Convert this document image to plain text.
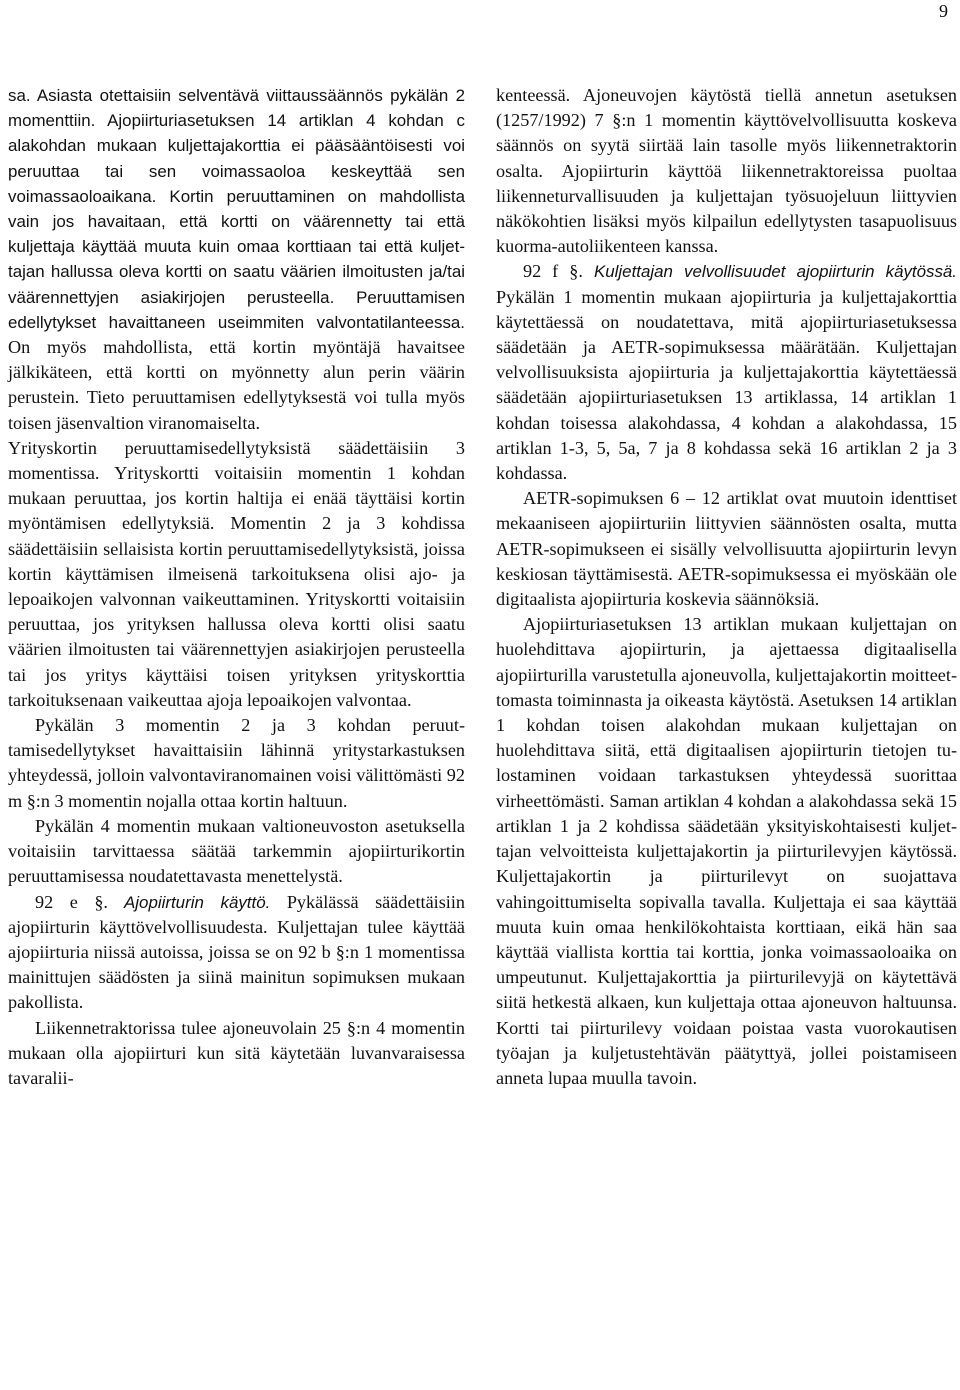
9

sa. Asiasta otettaisiin selventävä viittaussäännös pykälän 2 momenttiin. Ajopiirturiasetuksen 14 artiklan 4 kohdan c alakohdan mukaan kuljettajakorttia ei pääsääntöisesti voi peruuttaa tai sen voimassaoloa keskeyttää sen voimassaoloaikana. Kortin peruuttaminen on mahdollista vain jos havaitaan, että kortti on väärennetty tai että kuljettaja käyttää muuta kuin omaa korttiaan tai että kuljettajan hallussa oleva kortti on saatu väärien ilmoitusten ja/tai väärennettyjen asiakirjojen perusteella. Peruuttamisen edellytykset havaittaneen useimmiten valvontatilanteessa. On myös mahdollista, että kortin myöntäjä havaitsee jälkikäteen, että kortti on myönnetty alun perin väärin perustein. Tieto peruuttamisen edellytyksestä voi tulla myös toisen jäsenvaltion viranomaiselta.

Yrityskortin peruuttamisedellytyksistä säädettäisiin 3 momentissa. Yrityskortti voitaisiin momentin 1 kohdan mukaan peruuttaa, jos kortin haltija ei enää täyttäisi kortin myöntämisen edellytyksiä. Momentin 2 ja 3 kohdissa säädettäisiin sellaisista kortin peruuttamisedellytyksistä, joissa kortin käyttämisen ilmeisenä tarkoituksena olisi ajo- ja lepoaikojen valvonnan vaikeuttaminen. Yrityskortti voitaisiin peruuttaa, jos yrityksen hallussa oleva kortti olisi saatu väärien ilmoitusten tai väärennettyjen asiakirjojen perusteella tai jos yritys käyttäisi toisen yrityksen yrityskorttia tarkoituksenaan vaikeuttaa ajoja lepoaikojen valvontaa.

Pykälän 3 momentin 2 ja 3 kohdan peruuttamisedellytykset havaittaisiin lähinnä yritystarkastuksen yhteydessä, jolloin valvontaviranomainen voisi välittömästi 92 m §:n 3 momentin nojalla ottaa kortin haltuun.

Pykälän 4 momentin mukaan valtioneuvoston asetuksella voitaisiin tarvittaessa säätää tarkemmin ajopiirturikortin peruuttamisessa noudatettavasta menettelystä.

92 e §. Ajopiirturin käyttö. Pykälässä säädettäisiin ajopiirturin käyttövelvollisuudesta. Kuljettajan tulee käyttää ajopiirturia niissä autoissa, joissa se on 92 b §:n 1 momentissa mainittujen säädösten ja siinä mainitun sopimuksen mukaan pakollista.

Liikennetraktorissa tulee ajoneuvolain 25 §:n 4 momentin mukaan olla ajopiirturi kun sitä käytetään luvanvaraisessa tavaralii-

kenteessä. Ajoneuvojen käytöstä tiellä annetun asetuksen (1257/1992) 7 §:n 1 momentin käyttövelvollisuutta koskeva säännös on syytä siirtää lain tasolle myös liikennetraktorin osalta. Ajopiirturin käyttöä liikennetraktoreissa puoltaa liikenneturvallisuuden ja kuljettajan työsuojeluun liittyvien näkökohtien lisäksi myös kilpailun edellytysten tasapuolisuus kuorma-autoliikenteen kanssa.

92 f §. Kuljettajan velvollisuudet ajopiirturin käytössä. Pykälän 1 momentin mukaan ajopiirturia ja kuljettajakorttia käytettäessä on noudatettava, mitä ajopiirturiasetuksessa säädetään ja AETR-sopimuksessa määrätään. Kuljettajan velvollisuuksista ajopiirturia ja kuljettajakorttia käytettäessä säädetään ajopiirturiasetuksen 13 artiklassa, 14 artiklan 1 kohdan toisessa alakohdassa, 4 kohdan a alakohdassa, 15 artiklan 1-3, 5, 5a, 7 ja 8 kohdassa sekä 16 artiklan 2 ja 3 kohdassa.

AETR-sopimuksen 6 – 12 artiklat ovat muutoin identtiset mekaaniseen ajopiirturiin liittyvien säännösten osalta, mutta AETR-sopimukseen ei sisälly velvollisuutta ajopiirturin levyn keskiosan täyttämisestä. AETR-sopimuksessa ei myöskään ole digitaalista ajopiirturia koskevia säännöksiä.

Ajopiirturiasetuksen 13 artiklan mukaan kuljettajan on huolehdittava ajopiirturin, ja ajettaessa digitaalisella ajopiirturilla varustetulla ajoneuvolla, kuljettajakortin moitteettomasta toiminnasta ja oikeasta käytöstä. Asetuksen 14 artiklan 1 kohdan toisen alakohdan mukaan kuljettajan on huolehdittava siitä, että digitaalisen ajopiirturin tietojen tulostaminen voidaan tarkastuksen yhteydessä suorittaa virheettömästi. Saman artiklan 4 kohdan a alakohdassa sekä 15 artiklan 1 ja 2 kohdissa säädetään yksityiskohtaisesti kuljettajan velvoitteista kuljettajakortin ja piirturilevyjen käytössä. Kuljettajakortin ja piirturilevyt on suojattava vahingoittumiselta sopivalla tavalla. Kuljettaja ei saa käyttää muuta kuin omaa henkilökohtaista korttiaan, eikä hän saa käyttää viallista korttia tai korttia, jonka voimassaoloaika on umpeutunut. Kuljettajakorttia ja piirturilevyjä on käytettävä siitä hetkestä alkaen, kun kuljettaja ottaa ajoneuvon haltuunsa. Kortti tai piirturilevy voidaan poistaa vasta vuorokautisen työajan ja kuljetustehtävän päätyttyä, jollei poistamiseen anneta lupaa muulla tavoin.
